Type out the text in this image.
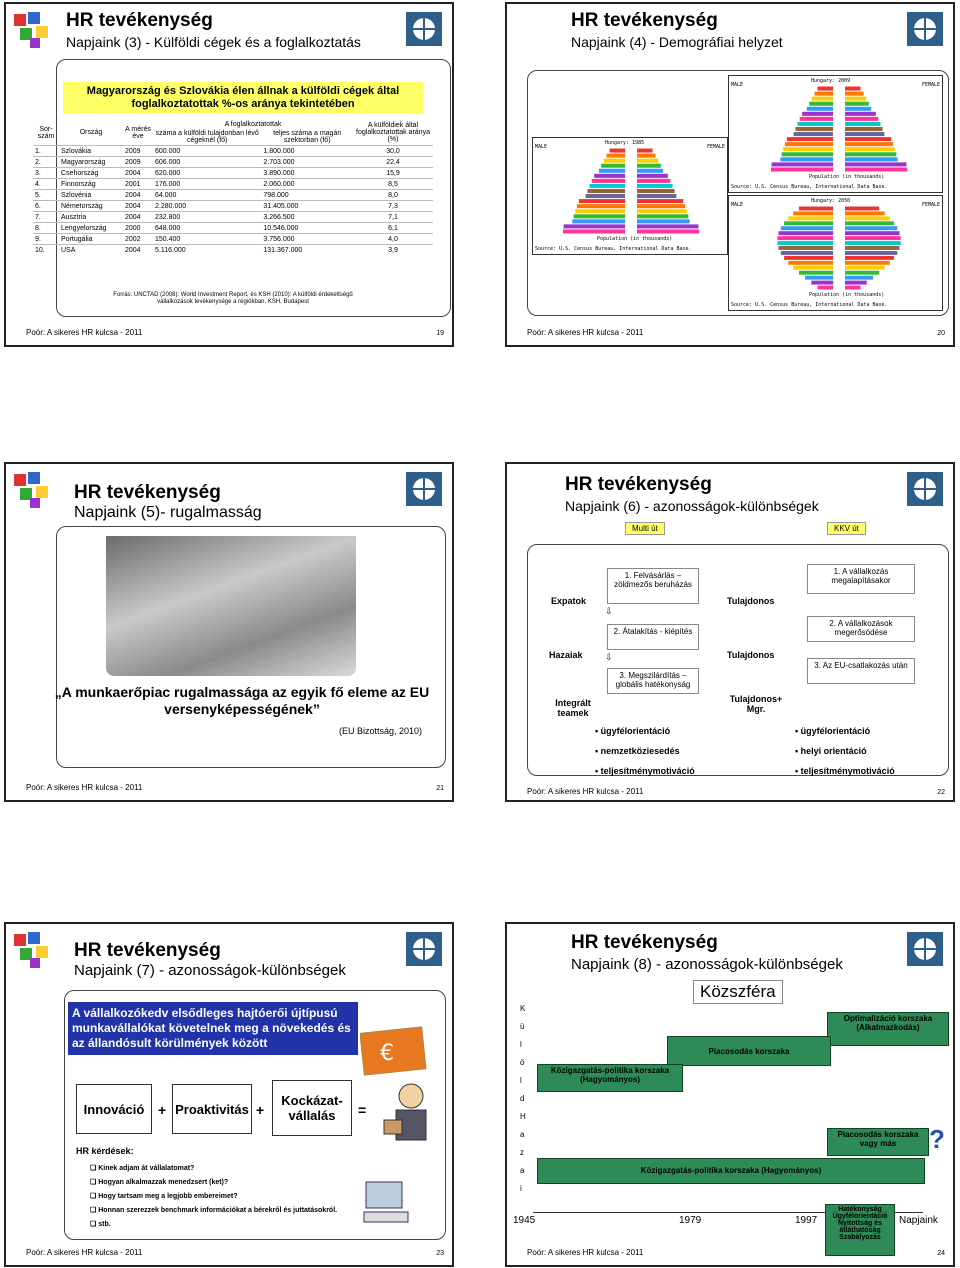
HR tevékenység
Napjaink (3) - Külföldi cégek és a foglalkoztatás
Magyarország és Szlovákia élen állnak a külföldi cégek által foglalkoztatottak %-os aránya tekintetében
Sor-szám	Ország	A mérés éve	A foglalkoztatottak		A külföldiek által foglalkoztatottak aránya (%)
			száma a külföldi tulajdonban lévő cégeknél (fő)	teljes száma a magán szektorban (fő)	
1.	Szlovákia	2009	600.000	1.800.000	30,0
2.	Magyarország	2009	606.000	2.703.000	22,4
3.	Csehország	2004	620.000	3.890.000	15,9
4.	Finnország	2001	176.000	2.060.000	8,5
5.	Szlovénia	2004	64.000	798.000	8,0
6.	Németország	2004	2.280.000	31.405.000	7,3
7.	Ausztria	2004	232.800	3.266.500	7,1
8.	Lengyelország	2000	648.000	10.546.000	6,1
9.	Portugália	2002	150.400	3.756.000	4,0
10.	USA	2004	5.116.000	131.367.000	3,9
Forrás: UNCTAD (2008): World Investment Report, és KSH (2010): A külföldi érdekeltségű vállalkozások tevékenysége a régiókban. KSH, Budapest
Poór: A sikeres HR kulcsa - 2011	19
HR tevékenység
Napjaink (4) - Demográfiai helyzet
Hungary: 2009
MALE	FEMALE
Population (in thousands)
Source: U.S. Census Bureau, International Data Base.
Hungary: 1985
MALE	FEMALE
Population (in thousands)
Source: U.S. Census Bureau, International Data Base.
Hungary: 2050
MALE	FEMALE
Population (in thousands)
Source: U.S. Census Bureau, International Data Base.
Poór: A sikeres HR kulcsa - 2011	20
HR tevékenység
Napjaink (5)- rugalmasság
„A munkaerőpiac rugalmassága az egyik fő eleme az EU versenyképességének”
(EU Bizottság, 2010)
Poór: A sikeres HR kulcsa - 2011	21
HR tevékenység
Napjaink (6) - azonosságok-különbségek
Multi út	KKV út
Expatok
Hazaiak
Integrált teamek
1. Felvásárlás – zöldmezős beruházás
2. Átalakítás - kiépítés
3. Megszilárdítás – globális hatékonyság
⇩
⇩
Tulajdonos
Tulajdonos
Tulajdonos+ Mgr.
1. A vállalkozás megalapításakor
2. A vállalkozások megerősödése
3. Az EU-csatlakozás után
• ügyfélorientáció
• nemzetköziesedés
• teljesítménymotiváció
• ügyfélorientáció
• helyi orientáció
• teljesítménymotiváció
Poór: A sikeres HR kulcsa - 2011	22
HR tevékenység
Napjaink (7) - azonosságok-különbségek
A vállalkozókedv elsődleges hajtóerői újtípusú munkavállalókat követelnek meg a növekedés és az állandósult körülmények között	€
Innováció + Proaktivitás +
Kockázat-vállalás	=
HR kérdések:
❑ Kinek adjam át vállalatomat?
❑ Hogyan alkalmazzak menedzsert (ket)?
❑ Hogy tartsam meg a legjobb embereimet?
❑ Honnan szerezzek benchmark információkat a bérekről és juttatásokról.
❑ stb.
Poór: A sikeres HR kulcsa - 2011	23
HR tevékenység
Napjaink (8) - azonosságok-különbségek
Közszféra
Optimalizáció korszaka (Alkalmazkodás)
Piacosodás korszaka
Közigazgatás-politika korszaka (Hagyományos)
Piacosodás korszaka vagy más	?
Közigazgatás-politika korszaka (Hagyományos)
1945	1979	1997
Hatékonyság Ügyfélorientáció Nyitottság és átláthatóság Szabályozás
Napjaink
Poór: A sikeres HR kulcsa - 2011	24
K
ü
l
ö
l
d
H
a
z
a
i
